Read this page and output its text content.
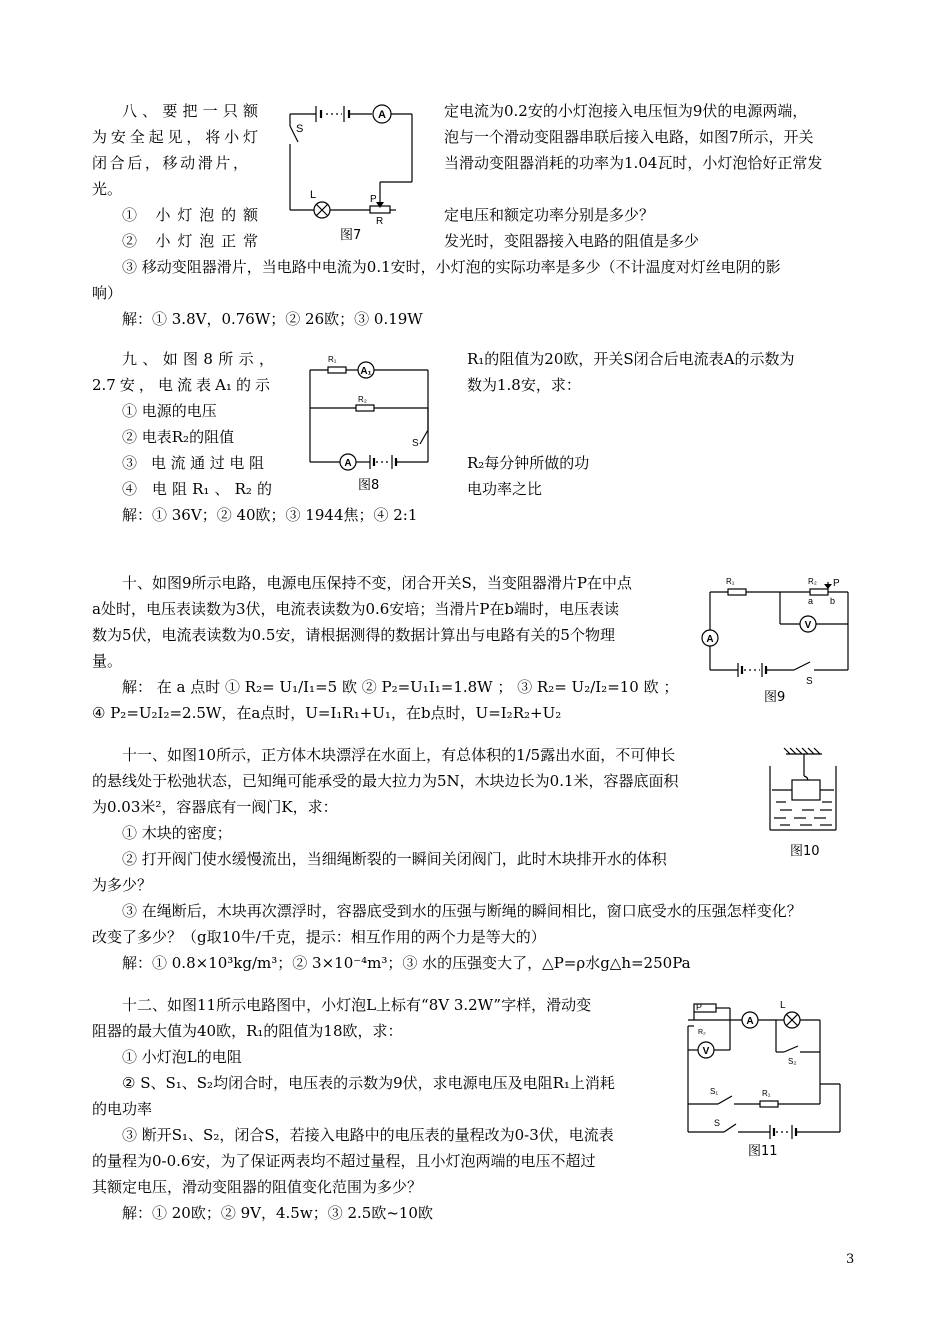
八、要把一只额	定电流为0.2安的小灯泡接入电压恒为9伏的电源两端，
为安全起见，将小灯	泡与一个滑动变阻器串联后接入电路，如图7所示，开关
闭合后，移动滑片，	当滑动变阻器消耗的功率为1.04瓦时，小灯泡恰好正常发
光。
① 小灯泡的额	定电压和额定功率分别是多少？
② 小灯泡正常	发光时，变阻器接入电路的阻值是多少
③ 移动变阻器滑片，当电路中电流为0.1安时，小灯泡的实际功率是多少（不计温度对灯丝电阴的影
响）
解：① 3.8V，0.76W；② 26欧；③ 0.19W
A
S
L	P
R
图7
九、如图8所示，	R₁的阻值为20欧，开关S闭合后电流表A的示数为
2.7安，电流表A₁的示	数为1.8安，求：
① 电源的电压
② 电表R₂的阻值
③ 电流通过电阻	R₂每分钟所做的功
④ 电阻R₁、R₂的	电功率之比
解：① 36V；② 40欧；③ 1944焦；④ 2:1
R₁
R₂
A₁
A
S
图8
十、如图9所示电路，电源电压保持不变，闭合开关S，当变阻器滑片P在中点
a处时，电压表读数为3伏，电流表读数为0.6安培；当滑片P在b端时，电压表读
数为5伏，电流表读数为0.5安，请根据测得的数据计算出与电路有关的5个物理
量。
解： 在 a 点时 ① R₂= U₁/I₁=5 欧 ② P₂=U₁I₁=1.8W ； ③ R₂= U₂/I₂=10 欧 ；
④ P₂=U₂I₂=2.5W，在a点时，U=I₁R₁+U₁，在b点时，U=I₂R₂+U₂
R₁	R₂ P
a b
V
A
S
图9
十一、如图10所示，正方体木块漂浮在水面上，有总体积的1/5露出水面，不可伸长
的悬线处于松弛状态，已知绳可能承受的最大拉力为5N，木块边长为0.1米，容器底面积
为0.03米²，容器底有一阀门K，求：
① 木块的密度；
② 打开阀门使水缓慢流出，当细绳断裂的一瞬间关闭阀门，此时木块排开水的体积
为多少？
③ 在绳断后，木块再次漂浮时，容器底受到水的压强与断绳的瞬间相比，窗口底受水的压强怎样变化？
改变了多少？（g取10牛/千克，提示：相互作用的两个力是等大的）
解：① 0.8×10³kg/m³；② 3×10⁻⁴m³；③ 水的压强变大了，△P=ρ水g△h=250Pa
图10
十二、如图11所示电路图中，小灯泡L上标有“8V 3.2W”字样，滑动变
阻器的最大值为40欧，R₁的阻值为18欧，求：
① 小灯泡L的电阻
② S、S₁、S₂均闭合时，电压表的示数为9伏，求电源电压及电阻R₁上消耗
的电功率
③ 断开S₁、S₂，闭合S，若接入电路中的电压表的量程改为0-3伏，电流表
的量程为0-0.6安，为了保证两表均不超过量程，且小灯泡两端的电压不超过
其额定电压，滑动变阻器的阻值变化范围为多少？
解：① 20欧；② 9V，4.5w；③ 2.5欧~10欧
P
R₂
A
L
V
S₂
S₁	R₁
S
图11
3
